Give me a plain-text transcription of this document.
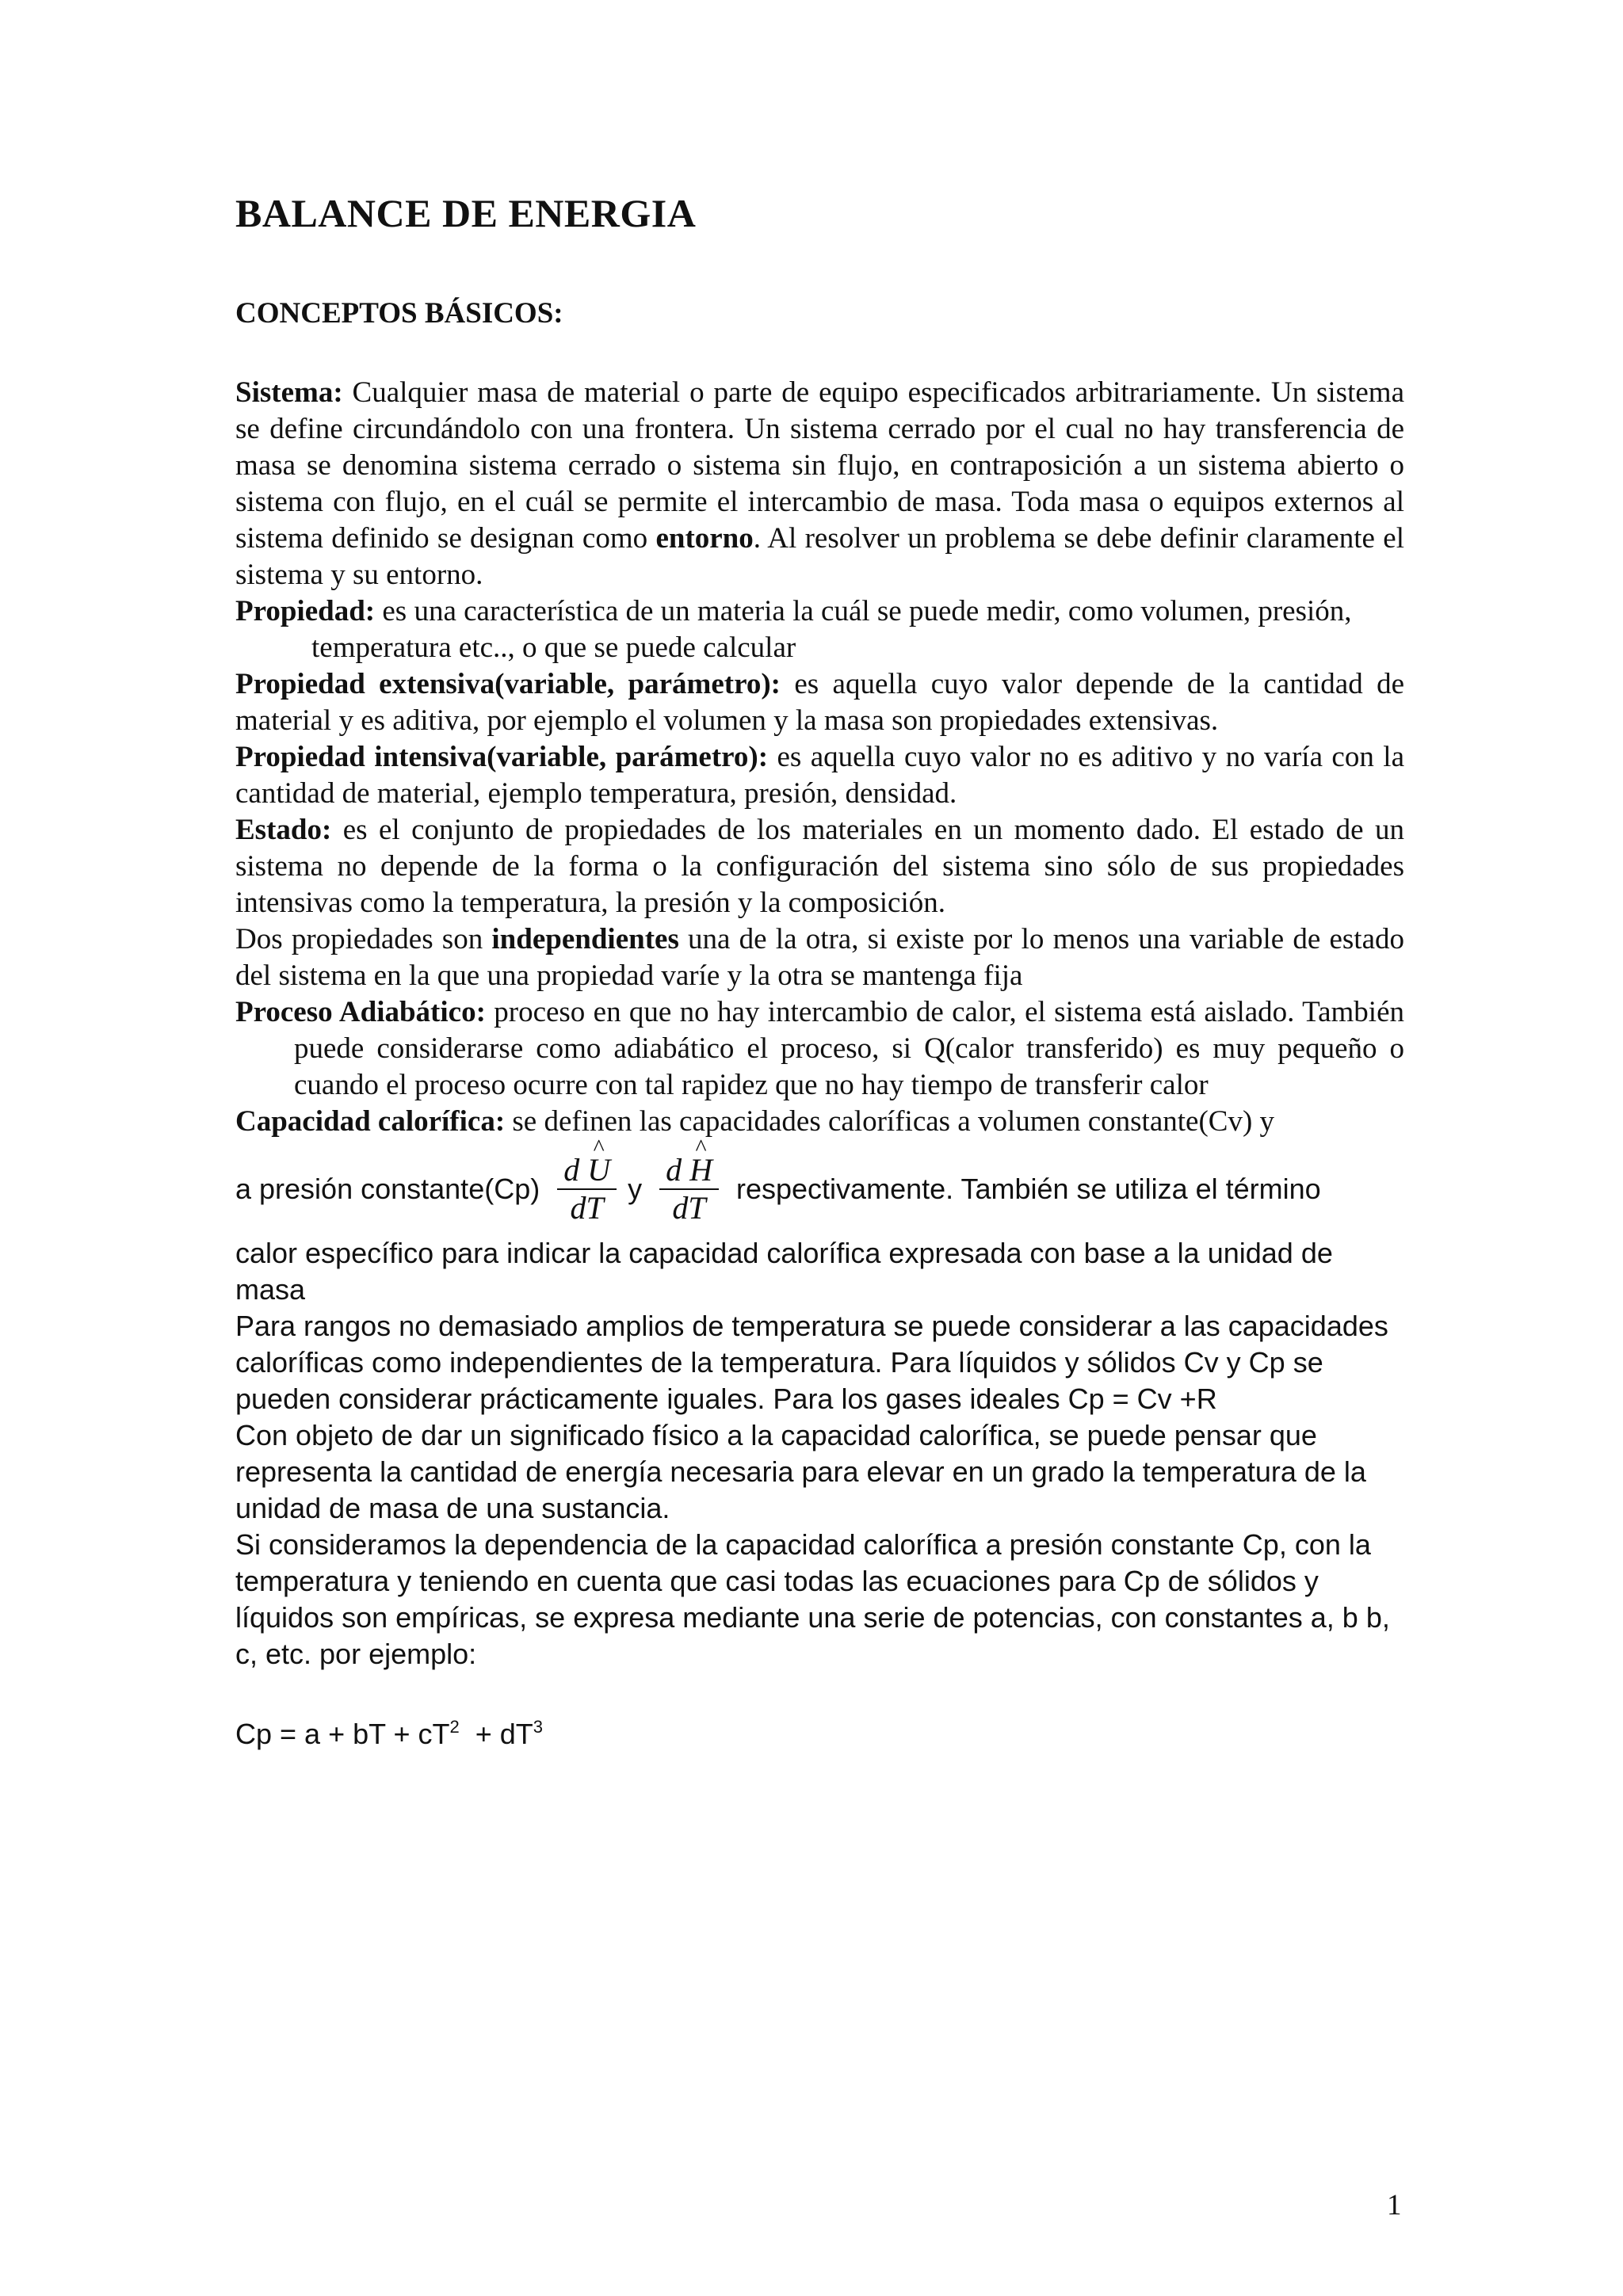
BALANCE DE ENERGIA
CONCEPTOS BÁSICOS:

Sistema: Cualquier masa de material o parte de equipo especificados arbitrariamente. Un sistema se define circundándolo con una frontera. Un sistema cerrado por el cual no hay transferencia de masa se denomina sistema cerrado o sistema sin flujo, en contraposición a un sistema abierto o sistema con flujo, en el cuál se permite el intercambio de masa. Toda masa o equipos externos al sistema definido se designan como entorno. Al resolver un problema se debe definir claramente el sistema y su entorno.

Propiedad: es una característica de un materia la cuál se puede medir, como volumen, presión, temperatura etc.., o que se puede calcular

Propiedad extensiva(variable, parámetro): es aquella cuyo valor depende de la cantidad de material y es aditiva, por ejemplo el volumen y la masa son propiedades extensivas.

Propiedad intensiva(variable, parámetro): es aquella cuyo valor no es aditivo y no varía con la cantidad de material, ejemplo temperatura, presión, densidad.

Estado: es el conjunto de propiedades de los materiales en un momento dado. El estado de un sistema no depende de la forma o la configuración del sistema sino sólo de sus propiedades intensivas como la temperatura, la presión y la composición.

Dos propiedades son independientes una de la otra, si existe por lo menos una variable de estado del sistema en la que una propiedad varíe y la otra se mantenga fija

Proceso Adiabático: proceso en que no hay intercambio de calor, el sistema está aislado. También puede considerarse como adiabático el proceso, si Q(calor transferido) es muy pequeño o cuando el proceso ocurre con tal rapidez que no hay tiempo de transferir calor

Capacidad calorífica: se definen las capacidades caloríficas a volumen constante(Cv) y

a presión constante(Cp) $\frac{d \^{} U}{dT}$ y $\frac{d \^{} H}{dT}$ respectivamente. También se utiliza el término

calor específico para indicar la capacidad calorífica expresada con base a la unidad de masa

Para rangos no demasiado amplios de temperatura se puede considerar a las capacidades caloríficas como independientes de la temperatura. Para líquidos y sólidos Cv y Cp se pueden considerar prácticamente iguales. Para los gases ideales Cp = Cv +R

Con objeto de dar un significado físico a la capacidad calorífica, se puede pensar que representa la cantidad de energía necesaria para elevar en un grado la temperatura de la unidad de masa de una sustancia.

Si consideramos la dependencia de la capacidad calorífica a presión constante Cp, con la temperatura y teniendo en cuenta que casi todas las ecuaciones para Cp de sólidos y líquidos son empíricas, se expresa mediante una serie de potencias, con constantes a, b b, c, etc. por ejemplo:

Cp = a + bT + $cT^2 + dT^3$

1
